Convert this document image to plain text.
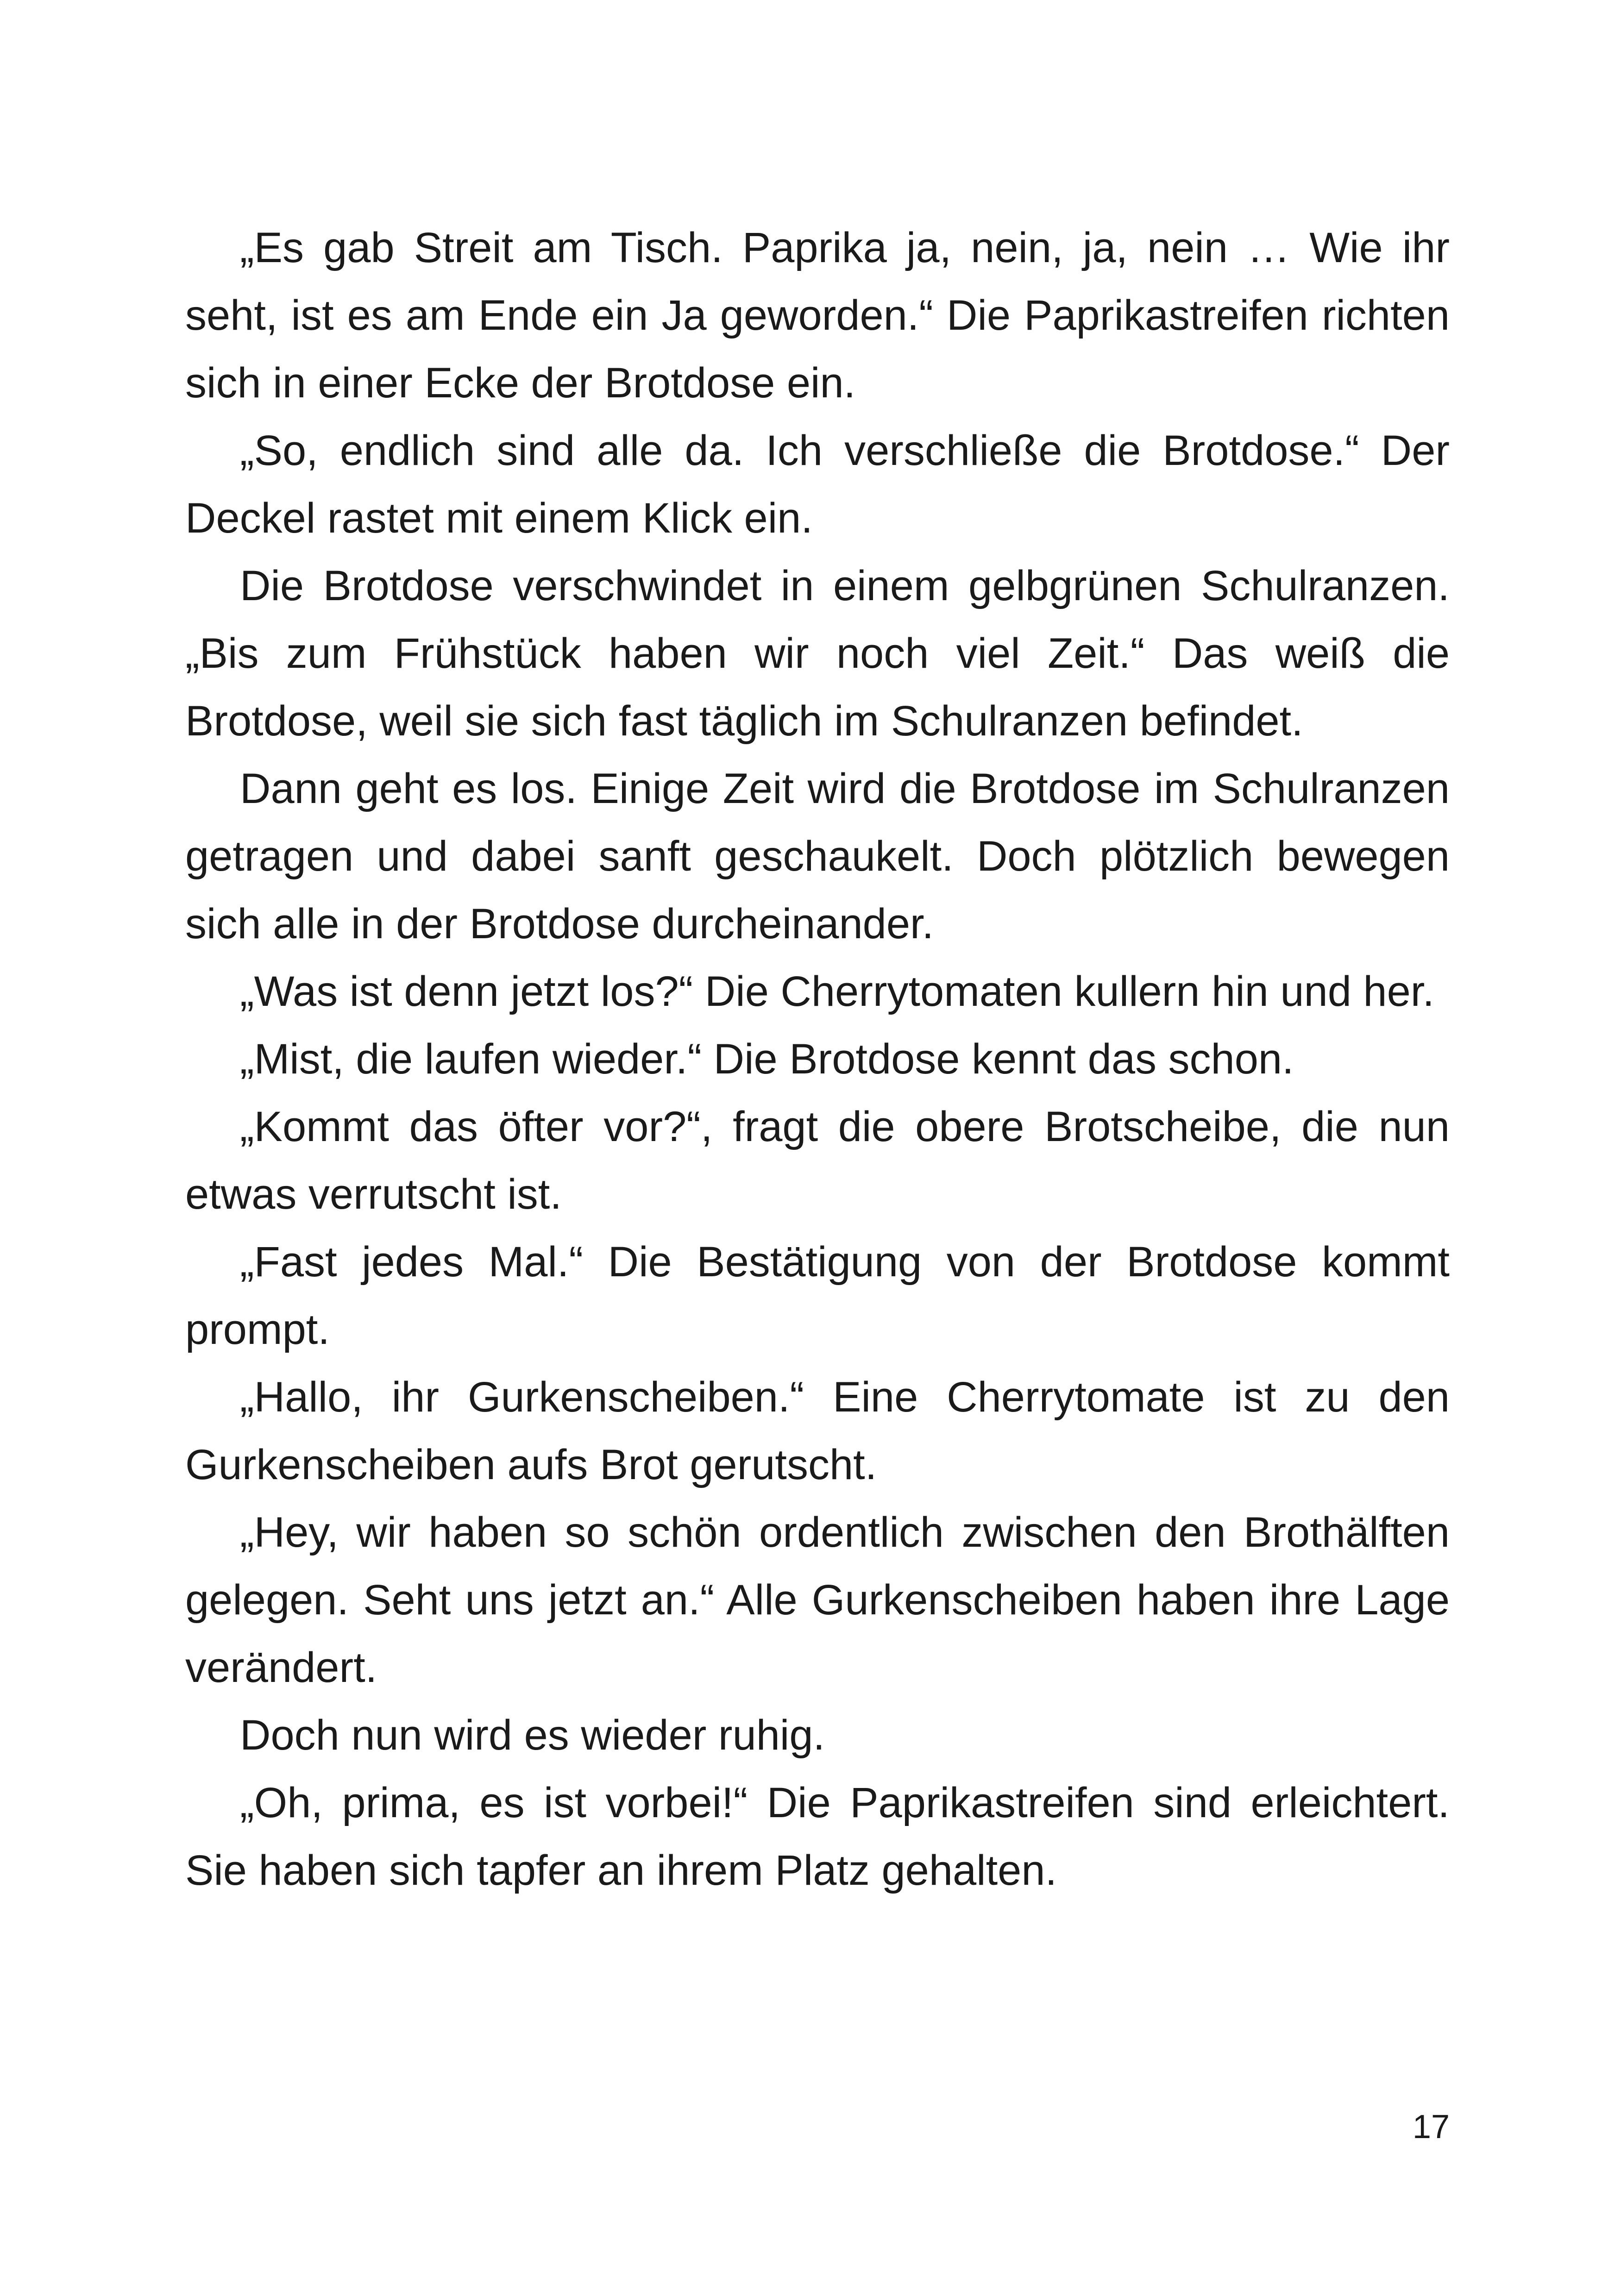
„Es gab Streit am Tisch. Paprika ja, nein, ja, nein … Wie ihr seht, ist es am Ende ein Ja geworden.“ Die Paprikastreifen richten sich in einer Ecke der Brotdose ein.

„So, endlich sind alle da. Ich verschließe die Brotdose.“ Der Deckel rastet mit einem Klick ein.

Die Brotdose verschwindet in einem gelbgrünen Schulranzen. „Bis zum Frühstück haben wir noch viel Zeit.“ Das weiß die Brotdose, weil sie sich fast täglich im Schulranzen befindet.

Dann geht es los. Einige Zeit wird die Brotdose im Schulranzen getragen und dabei sanft geschaukelt. Doch plötzlich bewegen sich alle in der Brotdose durcheinander.

„Was ist denn jetzt los?“ Die Cherrytomaten kullern hin und her.

„Mist, die laufen wieder.“ Die Brotdose kennt das schon.

„Kommt das öfter vor?“, fragt die obere Brotscheibe, die nun etwas verrutscht ist.

„Fast jedes Mal.“ Die Bestätigung von der Brotdose kommt prompt.

„Hallo, ihr Gurkenscheiben.“ Eine Cherrytomate ist zu den Gurkenscheiben aufs Brot gerutscht.

„Hey, wir haben so schön ordentlich zwischen den Brothälften gelegen. Seht uns jetzt an.“ Alle Gurkenscheiben haben ihre Lage verändert.

Doch nun wird es wieder ruhig.

„Oh, prima, es ist vorbei!“ Die Paprikastreifen sind erleichtert. Sie haben sich tapfer an ihrem Platz gehalten.

17
